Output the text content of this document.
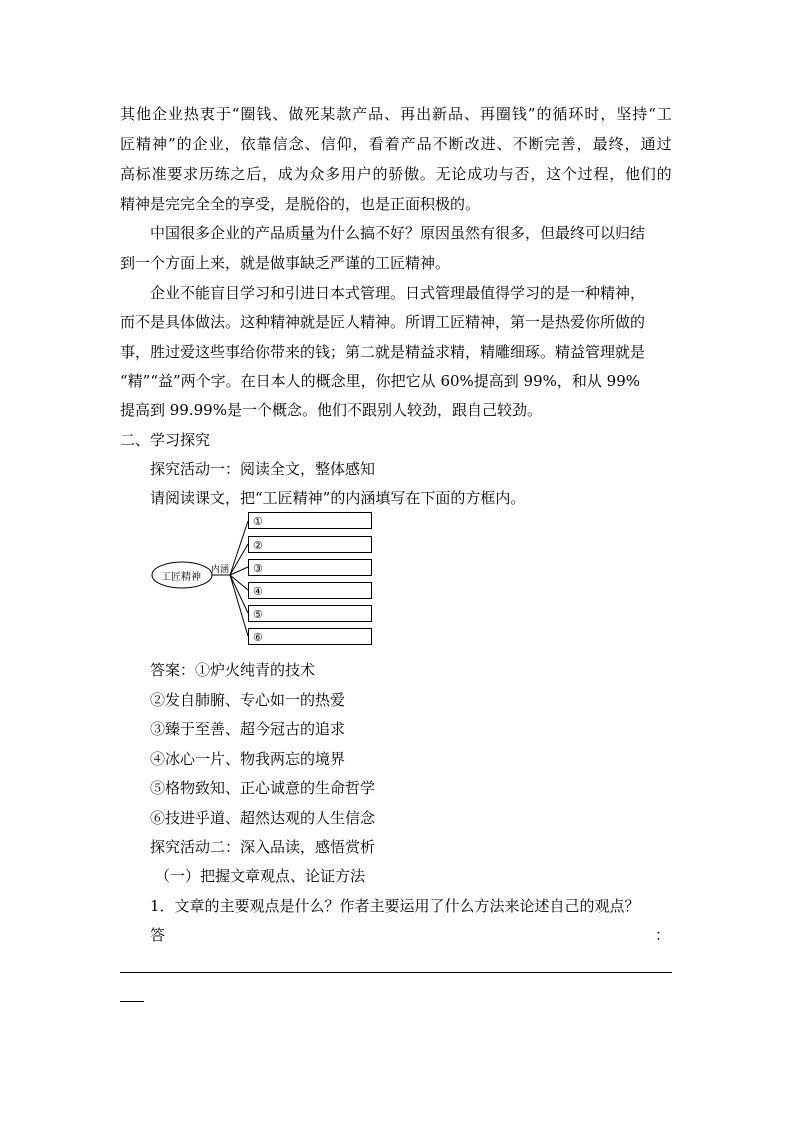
其 他 企 业 热 衷 于 “ 圈 钱 、 做 死 某 款 产 品 、 再 出 新 品 、 再 圈 钱 ” 的 循 环 时 ， 坚 持 “ 工
匠 精 神 ” 的 企 业 ， 依 靠 信 念 、 信 仰 ， 看 着 产 品 不 断 改 进 、 不 断 完 善 ， 最 终 ， 通 过
高 标 准 要 求 历 练 之 后 ， 成 为 众 多 用 户 的 骄 傲 。 无 论 成 功 与 否 ， 这 个 过 程 ， 他 们 的
精神是完完全全的享受，是脱俗的，也是正面积极的。
中国很多企业的产品质量为什么搞不好？原因虽然有很多，但最终可以归结
到一个方面上来，就是做事缺乏严谨的工匠精神。
企业不能盲目学习和引进日本式管理。日式管理最值得学习的是一种精神，
而不是具体做法。这种精神就是匠人精神。所谓工匠精神，第一是热爱你所做的
事，胜过爱这些事给你带来的钱；第二就是精益求精，精雕细琢。精益管理就是
“精”“益”两个字。在日本人的概念里，你把它从 60%提高到 99%，和从 99%
提高到 99.99%是一个概念。他们不跟别人较劲，跟自己较劲。
二、学习探究
探究活动一：阅读全文，整体感知
请阅读课文，把“工匠精神”的内涵填写在下面的方框内。
工匠精神
内涵
①
②
③
④
⑤
⑥
答案：①炉火纯青的技术
②发自肺腑、专心如一的热爱
③臻于至善、超今冠古的追求
④冰心一片、物我两忘的境界
⑤格物致知、正心诚意的生命哲学
⑥技进乎道、超然达观的人生信念
探究活动二：深入品读，感悟赏析
（一）把握文章观点、论证方法
1．文章的主要观点是什么？作者主要运用了什么方法来论述自己的观点？
答	：
